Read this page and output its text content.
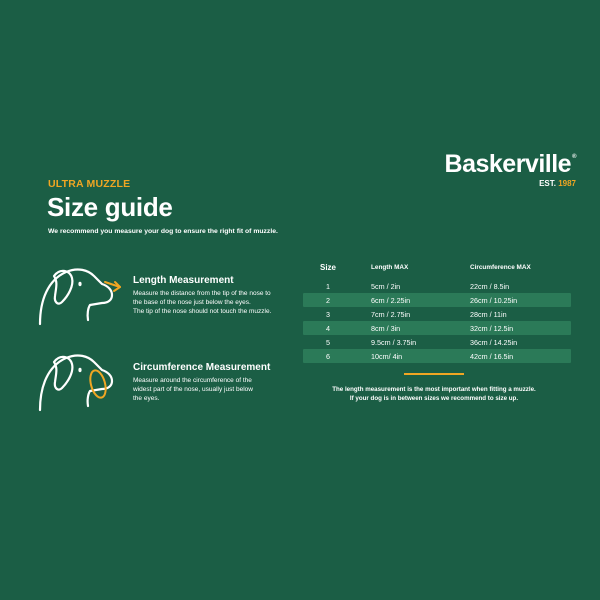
ULTRA MUZZLE
Size guide
We recommend you measure your dog to ensure the right fit of muzzle.
Baskerville®
EST. 1987
Length Measurement
Measure the distance from the tip of the nose to
the base of the nose just below the eyes.
The tip of the nose should not touch the muzzle.
Circumference Measurement
Measure around the circumference of the
widest part of the nose, usually just below
the eyes.
Size	Length MAX	Circumference MAX
1	5cm / 2in	22cm / 8.5in
2	6cm / 2.25in	26cm / 10.25in
3	7cm / 2.75in	28cm / 11in
4	8cm / 3in	32cm / 12.5in
5	9.5cm / 3.75in	36cm / 14.25in
6	10cm/ 4in	42cm / 16.5in
The length measurement is the most important when fitting a muzzle.
If your dog is in between sizes we recommend to size up.
